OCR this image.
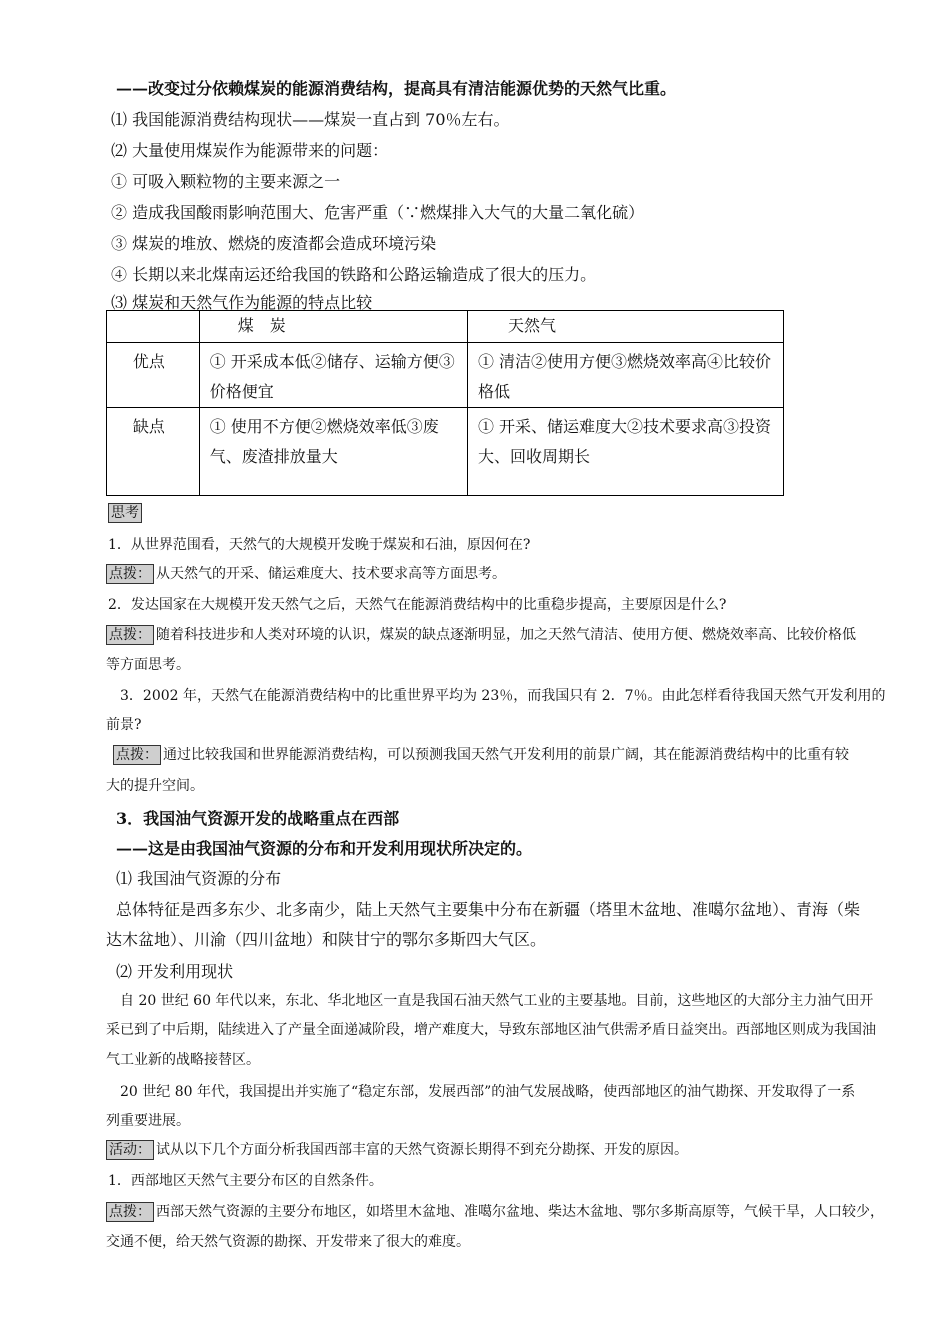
——改变过分依赖煤炭的能源消费结构，提高具有清洁能源优势的天然气比重。
⑴ 我国能源消费结构现状——煤炭一直占到 70％左右。
⑵ 大量使用煤炭作为能源带来的问题：
① 可吸入颗粒物的主要来源之一
② 造成我国酸雨影响范围大、危害严重（∵燃煤排入大气的大量二氧化硫）
③ 煤炭的堆放、燃烧的废渣都会造成环境污染
④ 长期以来北煤南运还给我国的铁路和公路运输造成了很大的压力。
⑶ 煤炭和天然气作为能源的特点比较

	煤　炭	天然气

优点	① 开采成本低②储存、运输方便③价格便宜	① 清洁②使用方便③燃烧效率高④比较价格低

缺点	① 使用不方便②燃烧效率低③废气、废渣排放量大	① 开采、储运难度大②技术要求高③投资大、回收周期长
思考
1．从世界范围看，天然气的大规模开发晚于煤炭和石油，原因何在?
点拨： 从天然气的开采、储运难度大、技术要求高等方面思考。
2．发达国家在大规模开发天然气之后，天然气在能源消费结构中的比重稳步提高，主要原因是什么?
点拨： 随着科技进步和人类对环境的认识，煤炭的缺点逐渐明显，加之天然气清洁、使用方便、燃烧效率高、比较价格低
等方面思考。
3．2002 年，天然气在能源消费结构中的比重世界平均为 23％，而我国只有 2．7％。由此怎样看待我国天然气开发利用的
前景?
点拨： 通过比较我国和世界能源消费结构，可以预测我国天然气开发利用的前景广阔，其在能源消费结构中的比重有较
大的提升空间。
3．我国油气资源开发的战略重点在西部
——这是由我国油气资源的分布和开发利用现状所决定的。
⑴ 我国油气资源的分布
总体特征是西多东少、北多南少，陆上天然气主要集中分布在新疆（塔里木盆地、准噶尔盆地）、青海（柴
达木盆地）、川渝（四川盆地）和陕甘宁的鄂尔多斯四大气区。
⑵ 开发利用现状
自 20 世纪 60 年代以来，东北、华北地区一直是我国石油天然气工业的主要基地。目前，这些地区的大部分主力油气田开
采已到了中后期，陆续进入了产量全面递减阶段，增产难度大，导致东部地区油气供需矛盾日益突出。西部地区则成为我国油
气工业新的战略接替区。
20 世纪 80 年代，我国提出并实施了“稳定东部，发展西部”的油气发展战略，使西部地区的油气勘探、开发取得了一系
列重要进展。
活动： 试从以下几个方面分析我国西部丰富的天然气资源长期得不到充分勘探、开发的原因。
1．西部地区天然气主要分布区的自然条件。
点拨： 西部天然气资源的主要分布地区，如塔里木盆地、准噶尔盆地、柴达木盆地、鄂尔多斯高原等，气候干旱，人口较少，
交通不便，给天然气资源的勘探、开发带来了很大的难度。
